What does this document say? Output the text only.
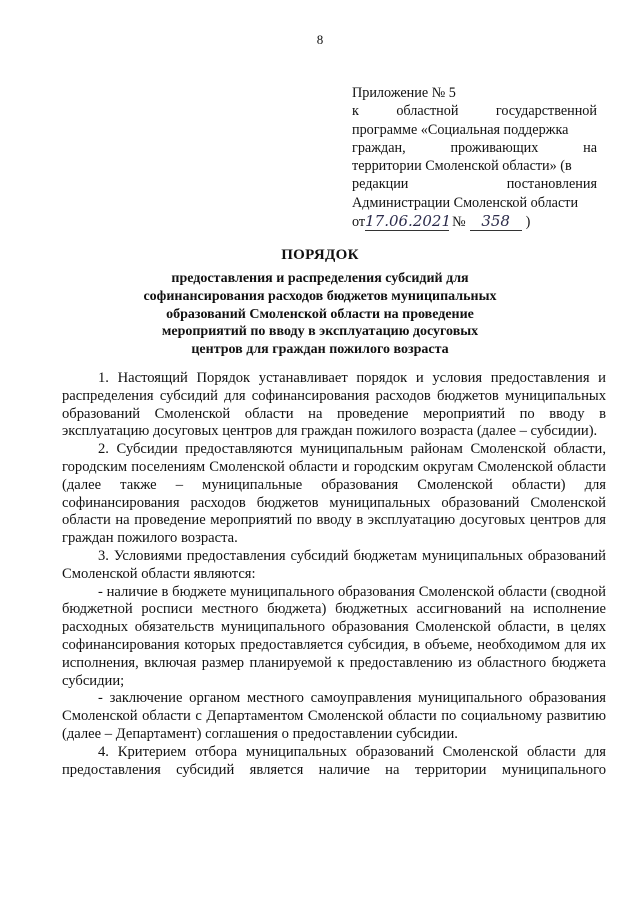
8
Приложение № 5
к	областной	государственной
программе «Социальная поддержка
граждан,	проживающих	на
территории Смоленской области» (в
редакции	постановления
Администрации Смоленской области
от 17.06.2021 №	358	)
ПОРЯДОК
предоставления и распределения субсидий для
софинансирования расходов бюджетов муниципальных
образований Смоленской области на проведение
мероприятий по вводу в эксплуатацию досуговых
центров для граждан пожилого возраста

1. Настоящий Порядок устанавливает порядок и условия предоставления и распределения субсидий для софинансирования расходов бюджетов муниципальных образований Смоленской области на проведение мероприятий по вводу в эксплуатацию досуговых центров для граждан пожилого возраста (далее – субсидии).

2. Субсидии предоставляются муниципальным районам Смоленской области, городским поселениям Смоленской области и городским округам Смоленской области (далее также – муниципальные образования Смоленской области) для софинансирования расходов бюджетов муниципальных образований Смоленской области на проведение мероприятий по вводу в эксплуатацию досуговых центров для граждан пожилого возраста.

3. Условиями предоставления субсидий бюджетам муниципальных образований Смоленской области являются:

- наличие в бюджете муниципального образования Смоленской области (сводной бюджетной росписи местного бюджета) бюджетных ассигнований на исполнение расходных обязательств муниципального образования Смоленской области, в целях софинансирования которых предоставляется субсидия, в объеме, необходимом для их исполнения, включая размер планируемой к предоставлению из областного бюджета субсидии;

- заключение органом местного самоуправления муниципального образования Смоленской области с Департаментом Смоленской области по социальному развитию (далее – Департамент) соглашения о предоставлении субсидии.

4. Критерием отбора муниципальных образований Смоленской области для предоставления субсидий является наличие на территории муниципального
